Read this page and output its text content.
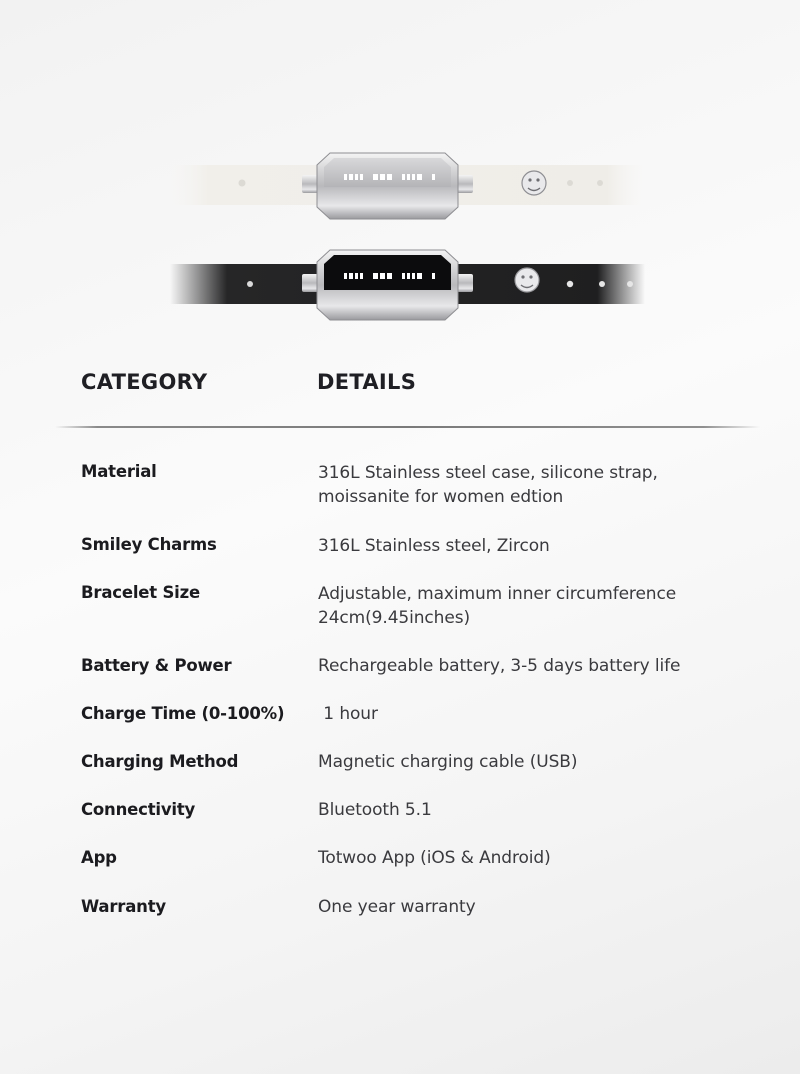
CATEGORY	DETAILS
Material	316L Stainless steel case, silicone strap, moissanite for women edtion
Smiley Charms	316L Stainless steel, Zircon
Bracelet Size	Adjustable, maximum inner circumference 24cm(9.45inches)
Battery & Power	Rechargeable battery, 3-5 days battery life
Charge Time (0-100%) 1 hour
Charging Method	Magnetic charging cable (USB)
Connectivity	Bluetooth 5.1
App	Totwoo App (iOS & Android)
Warranty	One year warranty
